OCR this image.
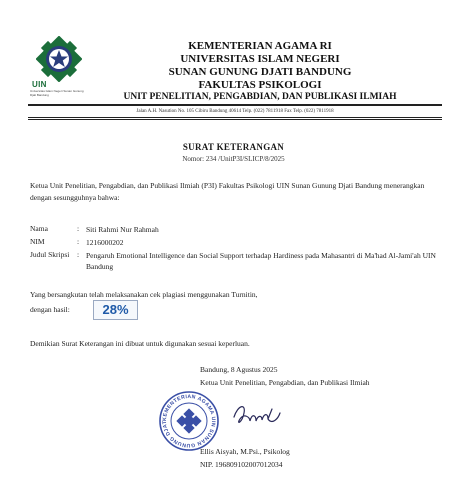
UIN
Universitas Islam Negeri Sunan Gunung Djati Bandung
KEMENTERIAN AGAMA RI
UNIVERSITAS ISLAM NEGERI
SUNAN GUNUNG DJATI BANDUNG
FAKULTAS PSIKOLOGI
UNIT PENELITIAN, PENGABDIAN, DAN PUBLIKASI ILMIAH
Jalan A.H. Nasution No. 105 Cibiru Bandung 40614 Telp. (022) 7811918 Fax Telp. (022) 7811918
SURAT KETERANGAN
Nomor: 234 /UnitP3I/SLICP/8/2025
Ketua Unit Penelitian, Pengabdian, dan Publikasi Ilmiah (P3I) Fakultas Psikologi UIN Sunan Gunung Djati Bandung menerangkan dengan sesungguhnya bahwa:
Nama	: Siti Rahmi Nur Rahmah
NIM	: 1216000202
Judul Skripsi : Pengaruh Emotional Intelligence dan Social Support terhadap Hardiness pada Mahasantri di Ma'had Al-Jami'ah UIN Bandung
Yang bersangkutan telah melaksanakan cek plagiasi menggunakan Turnitin,
dengan hasil:	28%
Demikian Surat Keterangan ini dibuat untuk digunakan sesuai keperluan.
Bandung, 8 Agustus 2025
Ketua Unit Penelitian, Pengabdian, dan Publikasi Ilmiah
KEMENTERIAN AGAMA UIN SUNAN GUNUNG DJAT
Ellis Aisyah, M.Psi., Psikolog
NIP. 196809102007012034
